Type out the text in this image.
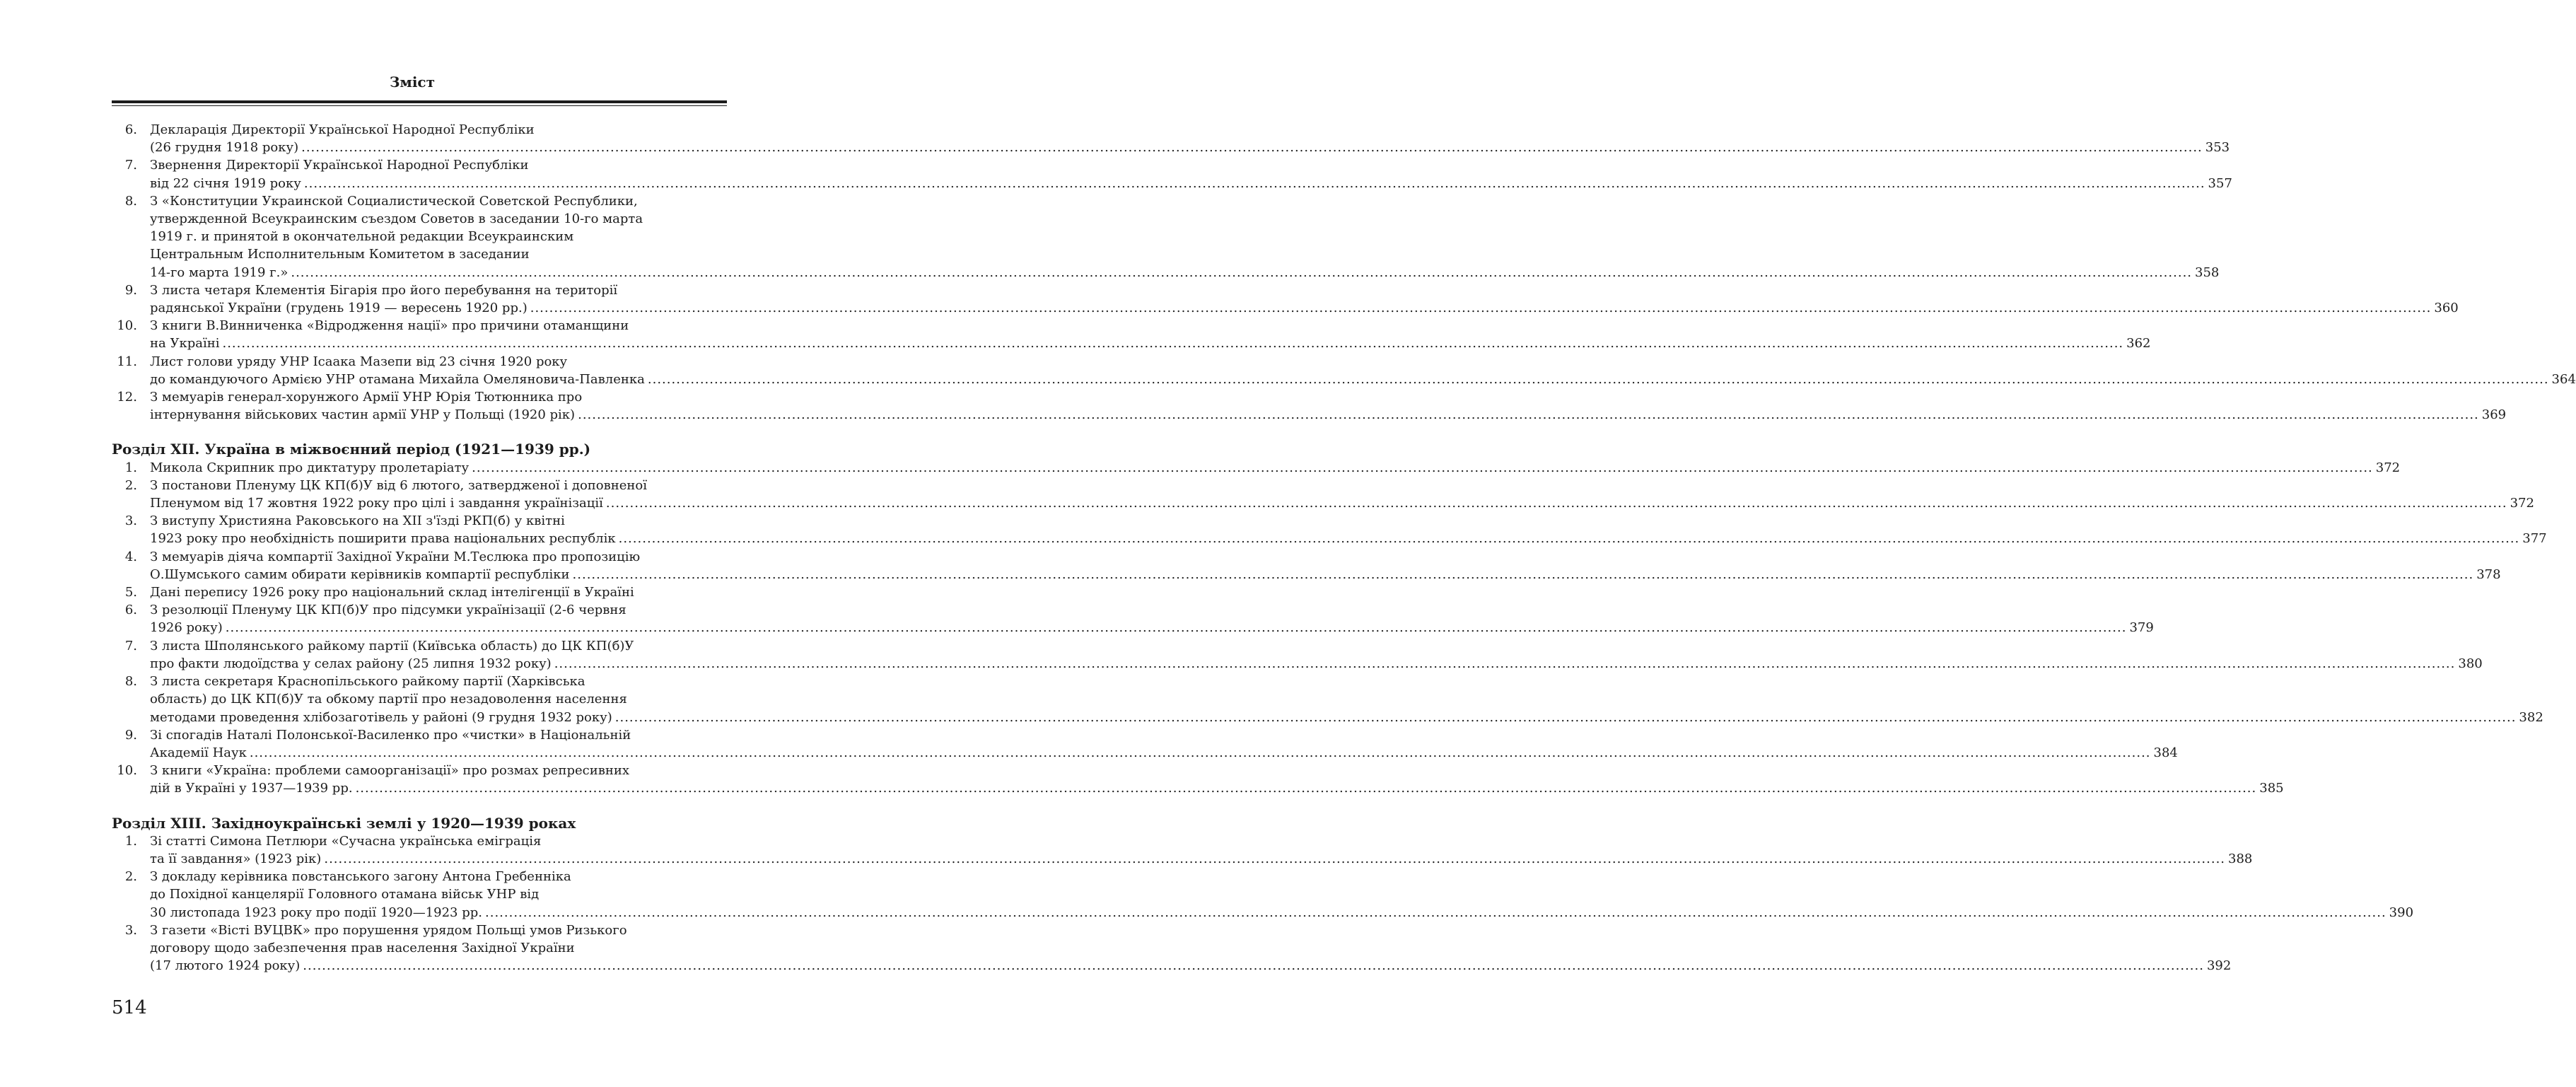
Зміст
6. Декларація Директорії Української Народної Республіки
(26 грудня 1918 року) ................................................................................................................................................................................................................................................................................................................................................................................................................ 353
7. Звернення Директорії Української Народної Республіки
від 22 січня 1919 року ................................................................................................................................................................................................................................................................................................................................................................................................................ 357
8. З «Конституции Украинской Социалистической Советской Республики,
утвержденной Всеукраинским съездом Советов в заседании 10-го марта
1919 г. и принятой в окончательной редакции Всеукраинским
Центральным Исполнительным Комитетом в заседании
14-го марта 1919 г.» ................................................................................................................................................................................................................................................................................................................................................................................................................ 358
9. З листа четаря Клементія Бігарія про його перебування на території
радянської України (грудень 1919 — вересень 1920 рр.) ................................................................................................................................................................................................................................................................................................................................................................................................................ 360
10. З книги В.Винниченка «Відродження нації» про причини отаманщини
на Україні ................................................................................................................................................................................................................................................................................................................................................................................................................ 362
11. Лист голови уряду УНР Ісаака Мазепи від 23 січня 1920 року
до командуючого Армією УНР отамана Михайла Омеляновича-Павленка ................................................................................................................................................................................................................................................................................................................................................................................................................ 364
12. З мемуарів генерал-хорунжого Армії УНР Юрія Тютюнника про
інтернування військових частин армії УНР у Польщі (1920 рік) ................................................................................................................................................................................................................................................................................................................................................................................................................ 369
Розділ XII. Україна в міжвоєнний період (1921—1939 рр.)
1. Микола Скрипник про диктатуру пролетаріату ................................................................................................................................................................................................................................................................................................................................................................................................................ 372
2. З постанови Пленуму ЦК КП(б)У від 6 лютого, затвердженої і доповненої
Пленумом від 17 жовтня 1922 року про цілі і завдання українізації ................................................................................................................................................................................................................................................................................................................................................................................................................ 372
3. З виступу Християна Раковського на XII з'їзді РКП(б) у квітні
1923 року про необхідність поширити права національних республік ................................................................................................................................................................................................................................................................................................................................................................................................................ 377
4. З мемуарів діяча компартії Західної України М.Теслюка про пропозицію
О.Шумського самим обирати керівників компартії республіки ................................................................................................................................................................................................................................................................................................................................................................................................................ 378
5. Дані перепису 1926 року про національний склад інтелігенції в Україні
6. З резолюції Пленуму ЦК КП(б)У про підсумки українізації (2-6 червня
1926 року) ................................................................................................................................................................................................................................................................................................................................................................................................................ 379
7. З листа Шполянського райкому партії (Київська область) до ЦК КП(б)У
про факти людоїдства у селах району (25 липня 1932 року) ................................................................................................................................................................................................................................................................................................................................................................................................................ 380
8. З листа секретаря Краснопільського райкому партії (Харківська
область) до ЦК КП(б)У та обкому партії про незадоволення населення
методами проведення хлібозаготівель у районі (9 грудня 1932 року) ................................................................................................................................................................................................................................................................................................................................................................................................................ 382
9. Зі спогадів Наталі Полонської-Василенко про «чистки» в Національній
Академії Наук ................................................................................................................................................................................................................................................................................................................................................................................................................ 384
10. З книги «Україна: проблеми самоорганізації» про розмах репресивних
дій в Україні у 1937—1939 рр. ................................................................................................................................................................................................................................................................................................................................................................................................................ 385
Розділ XIII. Західноукраїнські землі у 1920—1939 роках
1. Зі статті Симона Петлюри «Сучасна українська еміграція
та її завдання» (1923 рік) ................................................................................................................................................................................................................................................................................................................................................................................................................ 388
2. З докладу керівника повстанського загону Антона Гребенніка
до Похідної канцелярії Головного отамана військ УНР від
30 листопада 1923 року про події 1920—1923 рр. ................................................................................................................................................................................................................................................................................................................................................................................................................ 390
3. З газети «Вісті ВУЦВК» про порушення урядом Польщі умов Ризького
договору щодо забезпечення прав населення Західної України
(17 лютого 1924 року) ................................................................................................................................................................................................................................................................................................................................................................................................................ 392
514
